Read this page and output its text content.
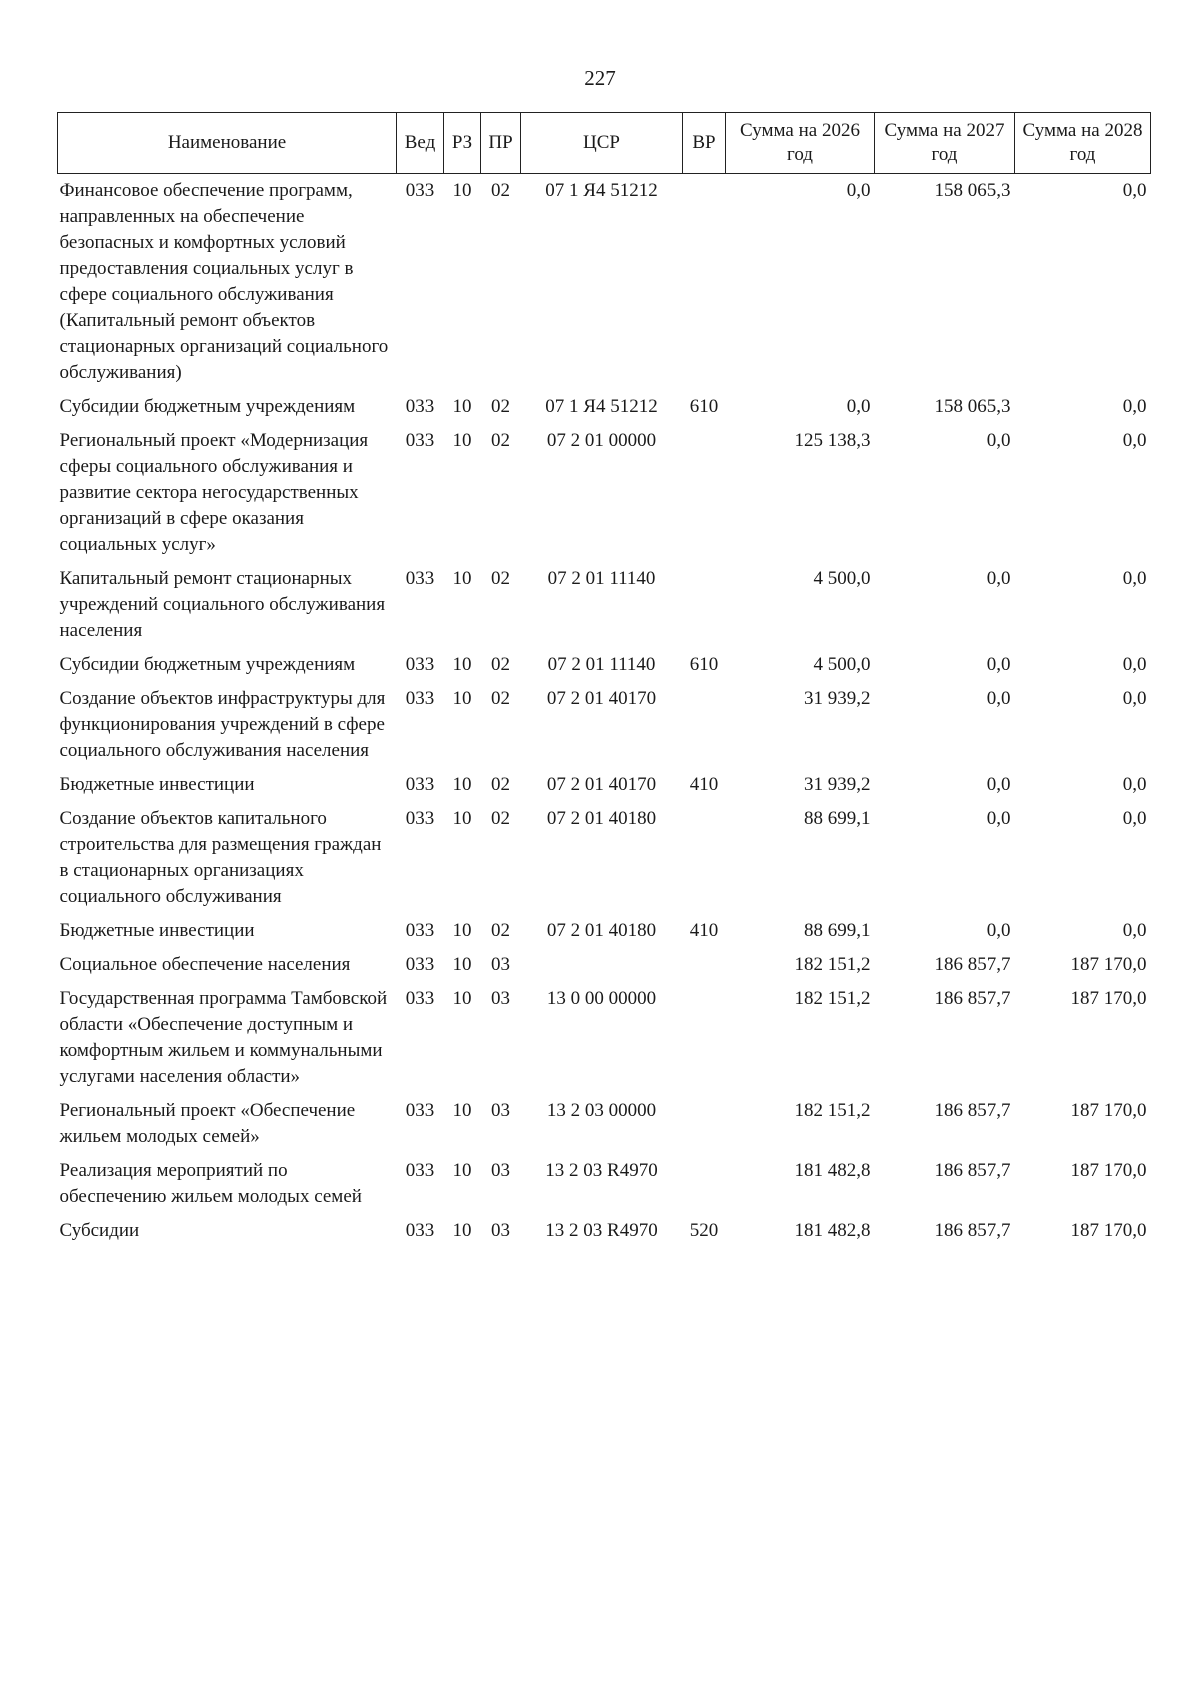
227
Наименование	Вед	РЗ	ПР	ЦСР	ВР	Сумма на 2026 год	Сумма на 2027 год	Сумма на 2028 год
Финансовое обеспечение программ, направленных на обеспечение безопасных и комфортных условий предоставления социальных услуг в сфере социального обслуживания (Капитальный ремонт объектов стационарных организаций социального обслуживания)	033	10	02	07 1 Я4 51212		0,0	158 065,3	0,0
Субсидии бюджетным учреждениям	033	10	02	07 1 Я4 51212	610	0,0	158 065,3	0,0
Региональный проект «Модернизация сферы социального обслуживания и развитие сектора негосударственных организаций в сфере оказания социальных услуг»	033	10	02	07 2 01 00000		125 138,3	0,0	0,0
Капитальный ремонт стационарных учреждений социального обслуживания населения	033	10	02	07 2 01 11140		4 500,0	0,0	0,0
Субсидии бюджетным учреждениям	033	10	02	07 2 01 11140	610	4 500,0	0,0	0,0
Создание объектов инфраструктуры для функционирования учреждений в сфере социального обслуживания населения	033	10	02	07 2 01 40170		31 939,2	0,0	0,0
Бюджетные инвестиции	033	10	02	07 2 01 40170	410	31 939,2	0,0	0,0
Создание объектов капитального строительства для размещения граждан в стационарных организациях социального обслуживания	033	10	02	07 2 01 40180		88 699,1	0,0	0,0
Бюджетные инвестиции	033	10	02	07 2 01 40180	410	88 699,1	0,0	0,0
Социальное обеспечение населения	033	10	03			182 151,2	186 857,7	187 170,0
Государственная программа Тамбовской области «Обеспечение доступным и комфортным жильем и коммунальными услугами населения области»	033	10	03	13 0 00 00000		182 151,2	186 857,7	187 170,0
Региональный проект «Обеспечение жильем молодых семей»	033	10	03	13 2 03 00000		182 151,2	186 857,7	187 170,0
Реализация мероприятий по обеспечению жильем молодых семей	033	10	03	13 2 03 R4970		181 482,8	186 857,7	187 170,0
Субсидии	033	10	03	13 2 03 R4970	520	181 482,8	186 857,7	187 170,0
